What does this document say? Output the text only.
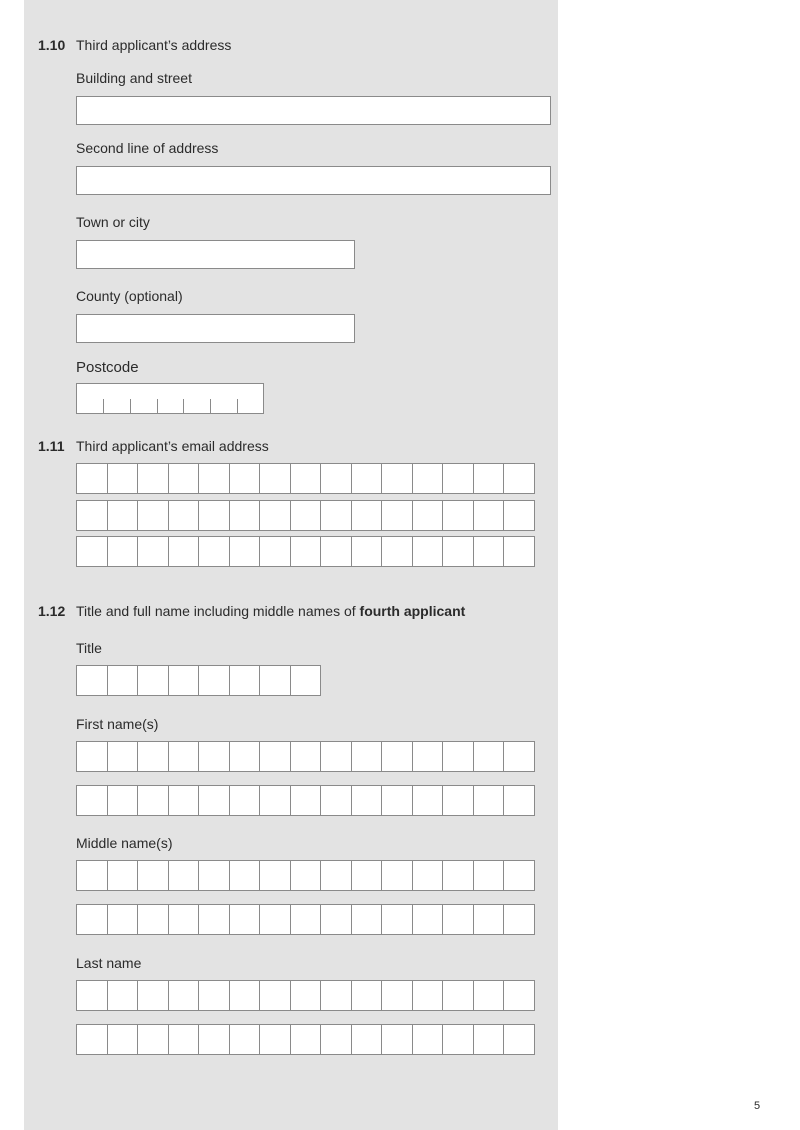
1.10 Third applicant’s address
Building and street
Second line of address
Town or city
County (optional)
Postcode
1.11 Third applicant’s email address
1.12 Title and full name including middle names of fourth applicant
Title
First name(s)
Middle name(s)
Last name
5
